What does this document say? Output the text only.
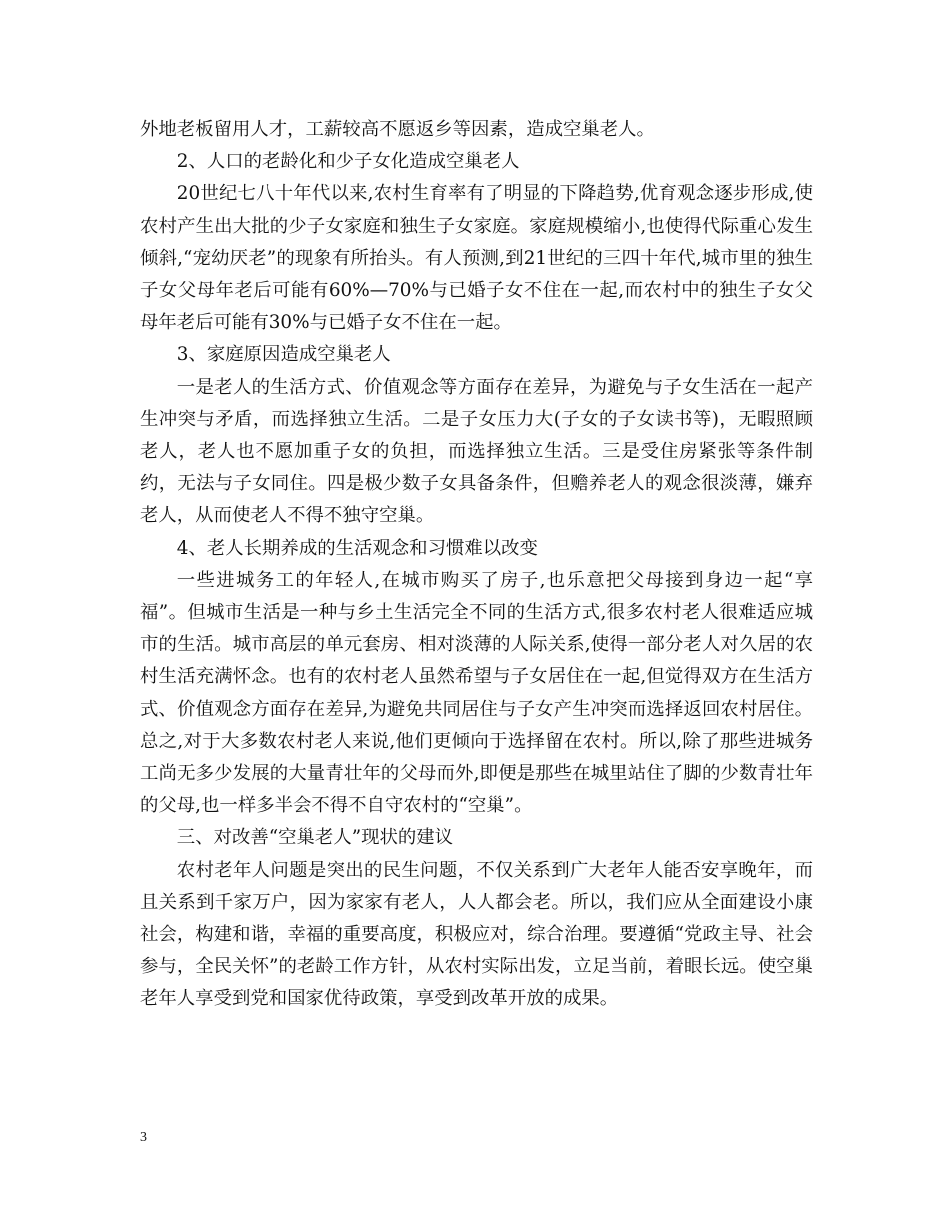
外地老板留用人才，工薪较高不愿返乡等因素，造成空巢老人。

2、人口的老龄化和少子女化造成空巢老人

20世纪七八十年代以来,农村生育率有了明显的下降趋势,优育观念逐步形成,使农村产生出大批的少子女家庭和独生子女家庭。家庭规模缩小,也使得代际重心发生倾斜,“宠幼厌老”的现象有所抬头。有人预测,到21世纪的三四十年代,城市里的独生子女父母年老后可能有60%—70%与已婚子女不住在一起,而农村中的独生子女父母年老后可能有30%与已婚子女不住在一起。

3、家庭原因造成空巢老人

一是老人的生活方式、价值观念等方面存在差异，为避免与子女生活在一起产生冲突与矛盾，而选择独立生活。二是子女压力大(子女的子女读书等)，无暇照顾老人，老人也不愿加重子女的负担，而选择独立生活。三是受住房紧张等条件制约，无法与子女同住。四是极少数子女具备条件，但赡养老人的观念很淡薄，嫌弃老人，从而使老人不得不独守空巢。

4、老人长期养成的生活观念和习惯难以改变

一些进城务工的年轻人,在城市购买了房子,也乐意把父母接到身边一起“享福”。但城市生活是一种与乡土生活完全不同的生活方式,很多农村老人很难适应城市的生活。城市高层的单元套房、相对淡薄的人际关系,使得一部分老人对久居的农村生活充满怀念。也有的农村老人虽然希望与子女居住在一起,但觉得双方在生活方式、价值观念方面存在差异,为避免共同居住与子女产生冲突而选择返回农村居住。总之,对于大多数农村老人来说,他们更倾向于选择留在农村。所以,除了那些进城务工尚无多少发展的大量青壮年的父母而外,即便是那些在城里站住了脚的少数青壮年的父母,也一样多半会不得不自守农村的“空巢”。

三、对改善“空巢老人”现状的建议

农村老年人问题是突出的民生问题，不仅关系到广大老年人能否安享晚年，而且关系到千家万户，因为家家有老人，人人都会老。所以，我们应从全面建设小康社会，构建和谐，幸福的重要高度，积极应对，综合治理。要遵循“党政主导、社会参与，全民关怀”的老龄工作方针，从农村实际出发，立足当前，着眼长远。使空巢老年人享受到党和国家优待政策，享受到改革开放的成果。

3
